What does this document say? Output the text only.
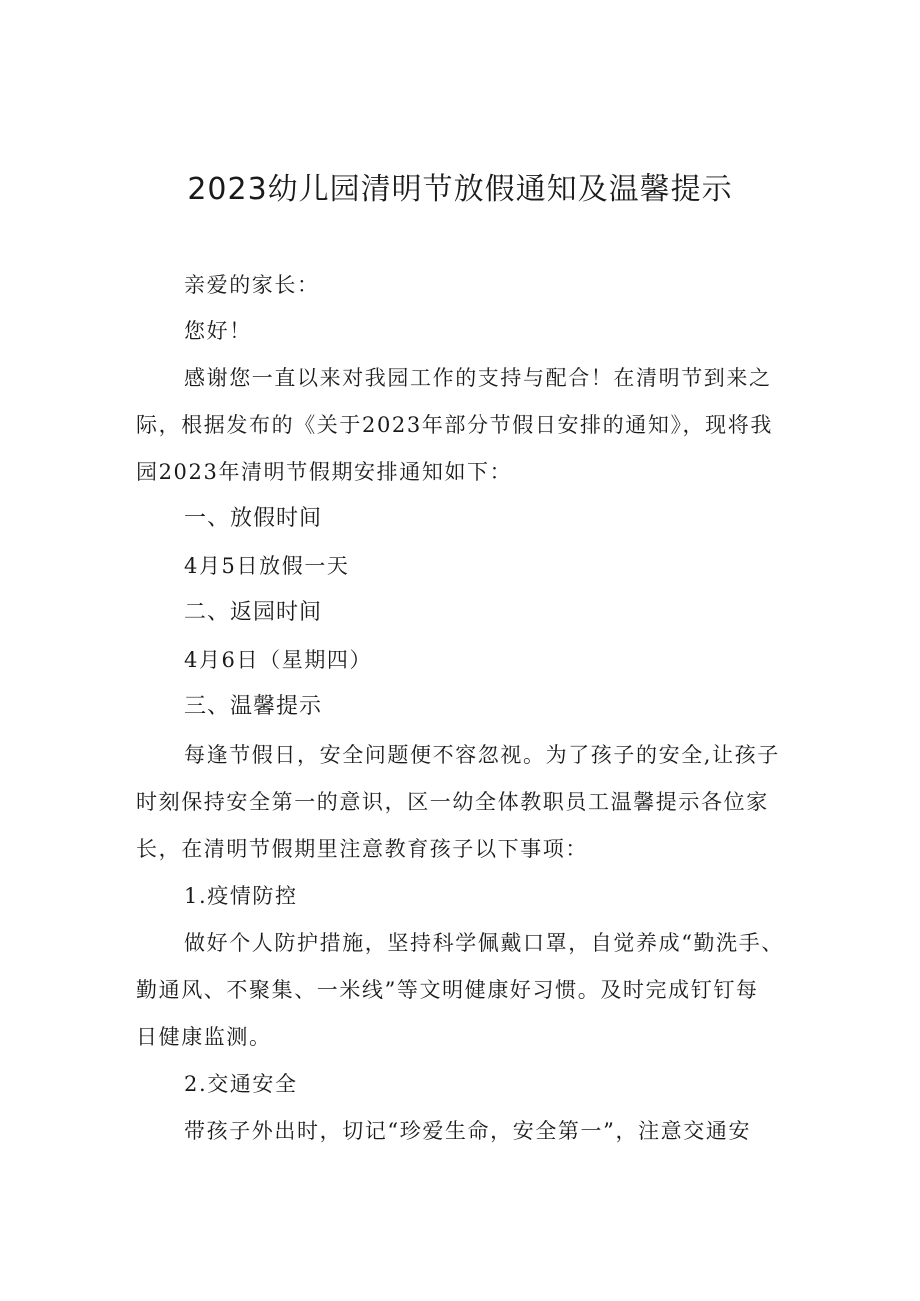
2023幼儿园清明节放假通知及温馨提示
亲爱的家长：
您好！
感谢您一直以来对我园工作的支持与配合！在清明节到来之
际，根据发布的《关于2023年部分节假日安排的通知》，现将我
园2023年清明节假期安排通知如下：
一、放假时间
4月5日放假一天
二、返园时间
4月6日（星期四）
三、温馨提示
每逢节假日，安全问题便不容忽视。为了孩子的安全,让孩子
时刻保持安全第一的意识，区一幼全体教职员工温馨提示各位家
长，在清明节假期里注意教育孩子以下事项：
1.疫情防控
做好个人防护措施，坚持科学佩戴口罩，自觉养成“勤洗手、
勤通风、不聚集、一米线”等文明健康好习惯。及时完成钉钉每
日健康监测。
2.交通安全
带孩子外出时，切记“珍爱生命，安全第一”，注意交通安
